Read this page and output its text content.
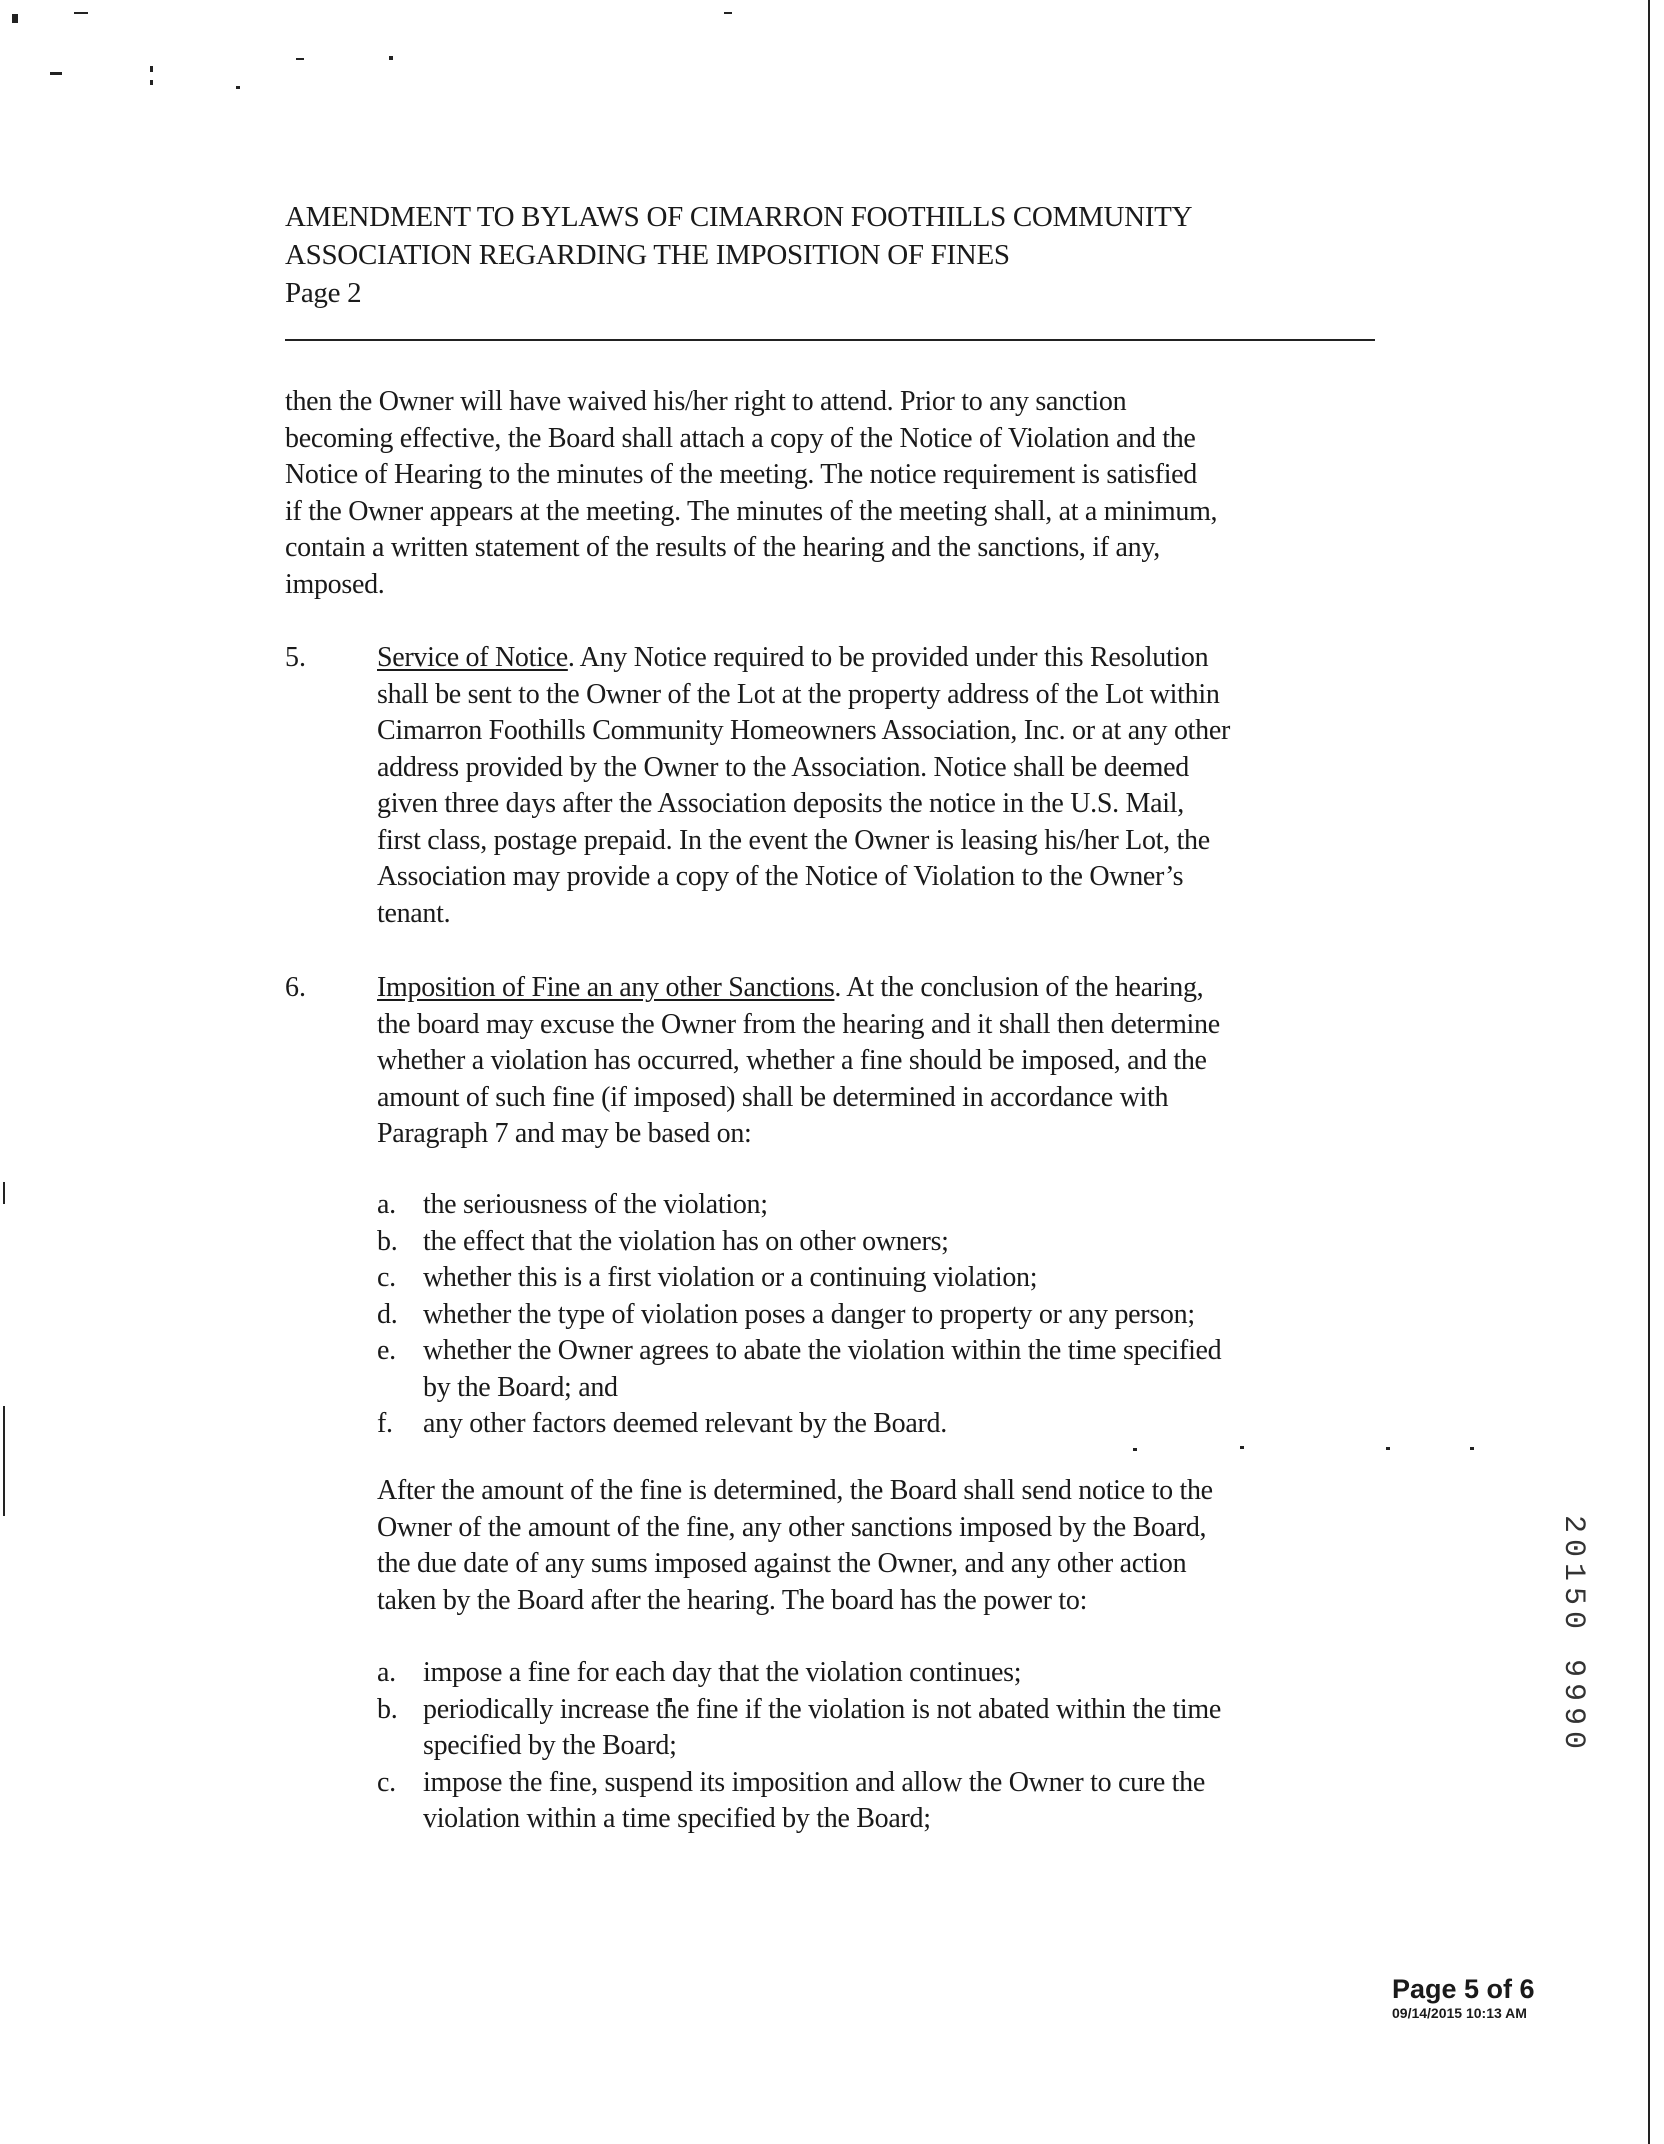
AMENDMENT TO BYLAWS OF CIMARRON FOOTHILLS COMMUNITY
ASSOCIATION REGARDING THE IMPOSITION OF FINES
Page 2
then the Owner will have waived his/her right to attend. Prior to any sanction
becoming effective, the Board shall attach a copy of the Notice of Violation and the
Notice of Hearing to the minutes of the meeting. The notice requirement is satisfied
if the Owner appears at the meeting. The minutes of the meeting shall, at a minimum,
contain a written statement of the results of the hearing and the sanctions, if any,
imposed.
5.	Service of Notice. Any Notice required to be provided under this Resolution
shall be sent to the Owner of the Lot at the property address of the Lot within
Cimarron Foothills Community Homeowners Association, Inc. or at any other
address provided by the Owner to the Association. Notice shall be deemed
given three days after the Association deposits the notice in the U.S. Mail,
first class, postage prepaid. In the event the Owner is leasing his/her Lot, the
Association may provide a copy of the Notice of Violation to the Owner’s
tenant.
6.	Imposition of Fine an any other Sanctions. At the conclusion of the hearing,
the board may excuse the Owner from the hearing and it shall then determine
whether a violation has occurred, whether a fine should be imposed, and the
amount of such fine (if imposed) shall be determined in accordance with
Paragraph 7 and may be based on:
a. the seriousness of the violation;
b. the effect that the violation has on other owners;
c. whether this is a first violation or a continuing violation;
d. whether the type of violation poses a danger to property or any person;
e. whether the Owner agrees to abate the violation within the time specified
by the Board; and
f.	any other factors deemed relevant by the Board.
After the amount of the fine is determined, the Board shall send notice to the
Owner of the amount of the fine, any other sanctions imposed by the Board,
the due date of any sums imposed against the Owner, and any other action
taken by the Board after the hearing. The board has the power to:
a. impose a fine for each day that the violation continues;
b. periodically increase the fine if the violation is not abated within the time
specified by the Board;
c. impose the fine, suspend its imposition and allow the Owner to cure the
violation within a time specified by the Board;
20150 9990
Page 5 of 6
09/14/2015 10:13 AM
